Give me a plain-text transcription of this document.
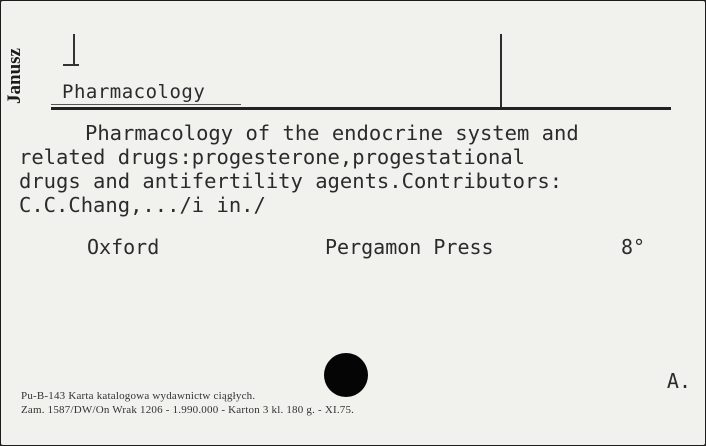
Janusz Pharmacology
Pharmacology of the endocrine system and
related drugs:progesterone,progestational
drugs and antifertility agents.Contributors:
C.C.Chang,.../i in./
Oxford	Pergamon Press	8°
A.
Pu-B-143 Karta katalogowa wydawnictw ciągłych.
Zam. 1587/DW/On Wrak 1206 - 1.990.000 - Karton 3 kl. 180 g. - XI.75.
